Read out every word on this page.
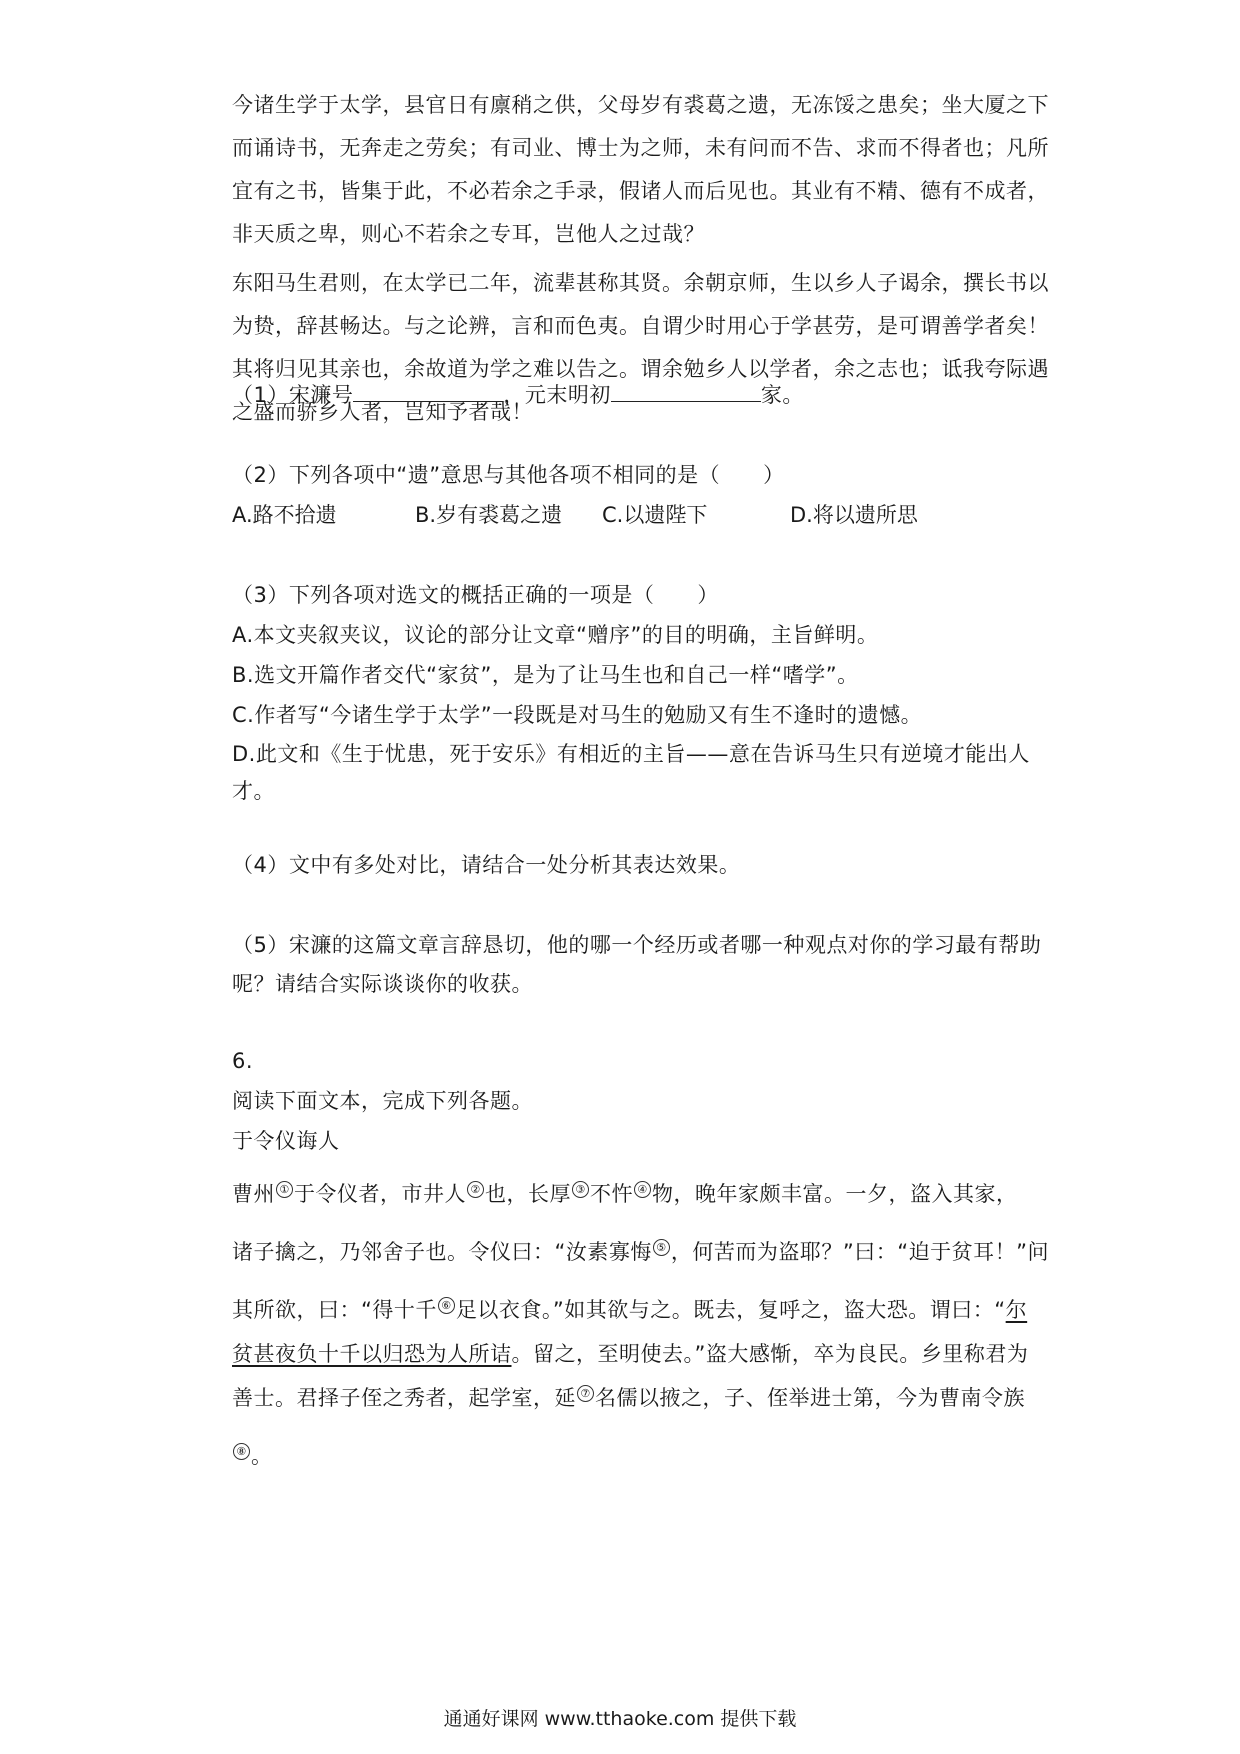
今诸生学于太学，县官日有廪稍之供，父母岁有裘葛之遗，无冻馁之患矣；坐大厦之下而诵诗书，无奔走之劳矣；有司业、博士为之师，未有问而不告、求而不得者也；凡所宜有之书，皆集于此，不必若余之手录，假诸人而后见也。其业有不精、德有不成者，非天质之卑，则心不若余之专耳，岂他人之过哉？

东阳马生君则，在太学已二年，流辈甚称其贤。余朝京师，生以乡人子谒余，撰长书以为贽，辞甚畅达。与之论辨，言和而色夷。自谓少时用心于学甚劳，是可谓善学者矣！其将归见其亲也，余故道为学之难以告之。谓余勉乡人以学者，余之志也；诋我夸际遇之盛而骄乡人者，岂知予者哉！

（1）宋濂号	，元末明初	家。
（2）下列各项中“遗”意思与其他各项不相同的是（　　）
A.路不拾遗	B.岁有裘葛之遗 C.以遗陛下	D.将以遗所思
（3）下列各项对选文的概括正确的一项是（　　）
A.本文夹叙夹议，议论的部分让文章“赠序”的目的明确，主旨鲜明。
B.选文开篇作者交代“家贫”，是为了让马生也和自己一样“嗜学”。
C.作者写“今诸生学于太学”一段既是对马生的勉励又有生不逢时的遗憾。
D.此文和《生于忧患，死于安乐》有相近的主旨——意在告诉马生只有逆境才能出人才。
（4）文中有多处对比，请结合一处分析其表达效果。
（5）宋濂的这篇文章言辞恳切，他的哪一个经历或者哪一种观点对你的学习最有帮助呢？请结合实际谈谈你的收获。
6.
阅读下面文本，完成下列各题。
于令仪诲人
曹州 ① 于令仪者，市井人 ② 也，长厚 ③ 不忤 ④ 物，晚年家颇丰富。一夕，盗入其家，
诸子擒之，乃邻舍子也。令仪曰：“汝素寡悔 ⑤ ，何苦而为盗耶？”曰：“迫于贫耳！”问
其所欲，曰：“得十千 ⑥ 足以衣食。”如其欲与之。既去，复呼之，盗大恐。谓曰：“尔
贫甚夜负十千以归恐为人所诘。留之，至明使去。”盗大感惭，卒为良民。乡里称君为
善士。君择子侄之秀者，起学室，延 ⑦ 名儒以掖之，子、侄举进士第，今为曹南令族
⑧ 。
通通好课网 www.tthaoke.com 提供下载
